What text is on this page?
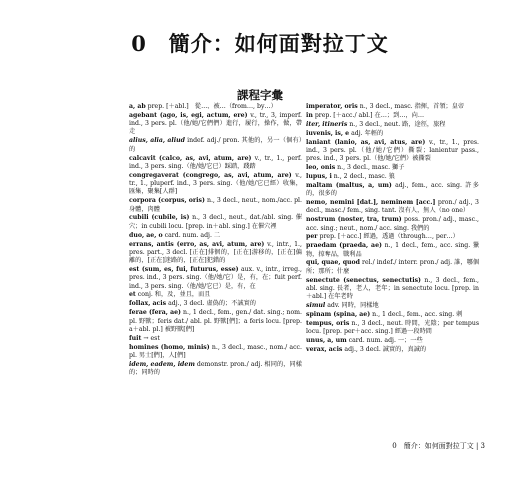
0　簡介：如何面對拉丁文
課程字彙

a, ab prep. [＋abl.]　從…、被…（from…, by…）

agebant (ago, is, egi, actum, ere) v., tr., 3, imperf. ind., 3 pers. pl.（他/她/它們們）進行，履行，操作，做，帶走

alius, alia, aliud indef. adj./ pron. 其他的，另一（個有）的

calcavit (calco, as, avi, atum, are) v., tr., 1., perf. ind., 3 pers. sing.（他/她/它已）踩踏，踐踏

congregaverat (congrego, as, avi, atum, are) v., tr., 1., pluperf. ind., 3 pers. sing.（他/她/它已經）收集，匯集，聚集[人群]

corpora (corpus, oris) n., 3 decl., neut., nom./acc. pl. 身體，肉體

cubili (cubile, is) n., 3 decl., neut., dat./abl. sing. 催穴；in cubili locu. [prep. in＋abl. sing.] 在催穴裡

duo, ae, o card. num. adj. 二

errans, antis (erro, as, avi, atum, are) v., intr., 1., pres. part., 3 decl. [正在]排徊的，[正在]游移的，[正在]偏離的，[正在]迷路的，[正在]犯錯的

est (sum, es, fui, futurus, esse) aux. v., intr., irreg., pres. ind., 3 pers. sing.（他/她/它）是，有，在；fuit perf. ind., 3 pers. sing.（他/她/它已）是，有，在

et conj. 和，及，並且，而且

follax, acis adj., 3 decl. 虛偽的；不誠實的

ferae (fera, ae) n., 1 decl., fem., gen./ dat. sing.; nom. pl. 野獸；feris dat./ abl. pl. 野獸[們]；a feris locu. [prep. a＋abl. pl.] 被野獸[們]

fuit → est

homines (homo, minis) n., 3 decl., masc., nom./ acc. pl. 男士[們]，人[們]

idem, eadem, idem demonstr. pron./ adj. 相同的，同樣的；同時的

imperator, oris n., 3 decl., masc. 指揮，首領；皇帝

in prep. [＋acc./ abl.] 在…；到…，向…

iter, itineris n., 3 decl., neut. 路，途徑，旅程

iuvenis, is, e adj. 年輕的

laniant (lanio, as, avi, atus, are) v., tr., 1., pres. ind., 3 pers. pl.（他/她/它們）撕裂；lanientur pass., pres. ind., 3 pers. pl.（他/她/它們）被撕裂

leo, onis n., 3 decl., masc. 獅子

lupus, i n., 2 decl., masc. 狼

maltam (maltus, a, um) adj., fem., acc. sing. 許多的，很多的

nemo, nemini [dat.], neminem [acc.] pron./ adj., 3 decl., masc./ fem., sing. tant. 沒有人，無人（no one）

nostrum (noster, tra, trum) poss. pron./ adj., masc., acc. sing.; neut., nom./ acc. sing. 我們的

per prep. [＋acc.] 經過，透過（through…, per…）

praedam (praeda, ae) n., 1 decl., fem., acc. sing. 獵物，掠奪品，戰利品

qui, quae, quod rel./ indef./ interr. pron./ adj. 誰，哪個所；那所；什麼

senectute (senectus, senectutis) n., 3 decl., fem., abl. sing. 長者，老人，老年；in senectute locu. [prep. in＋abl.] 在年老時

simul adv. 同時，同樣地

spinam (spina, ae) n., 1 decl., fem., acc. sing. 刺

tempus, oris n., 3 decl., neut. 時間，光陰；per tempus locu. [prep. per＋acc. sing.] 經過一段時間

unus, a, um card. num. adj. 一；一些

verax, acis adj., 3 decl. 誠實的，真誠的

0　簡介：如何面對拉丁文 | 3
